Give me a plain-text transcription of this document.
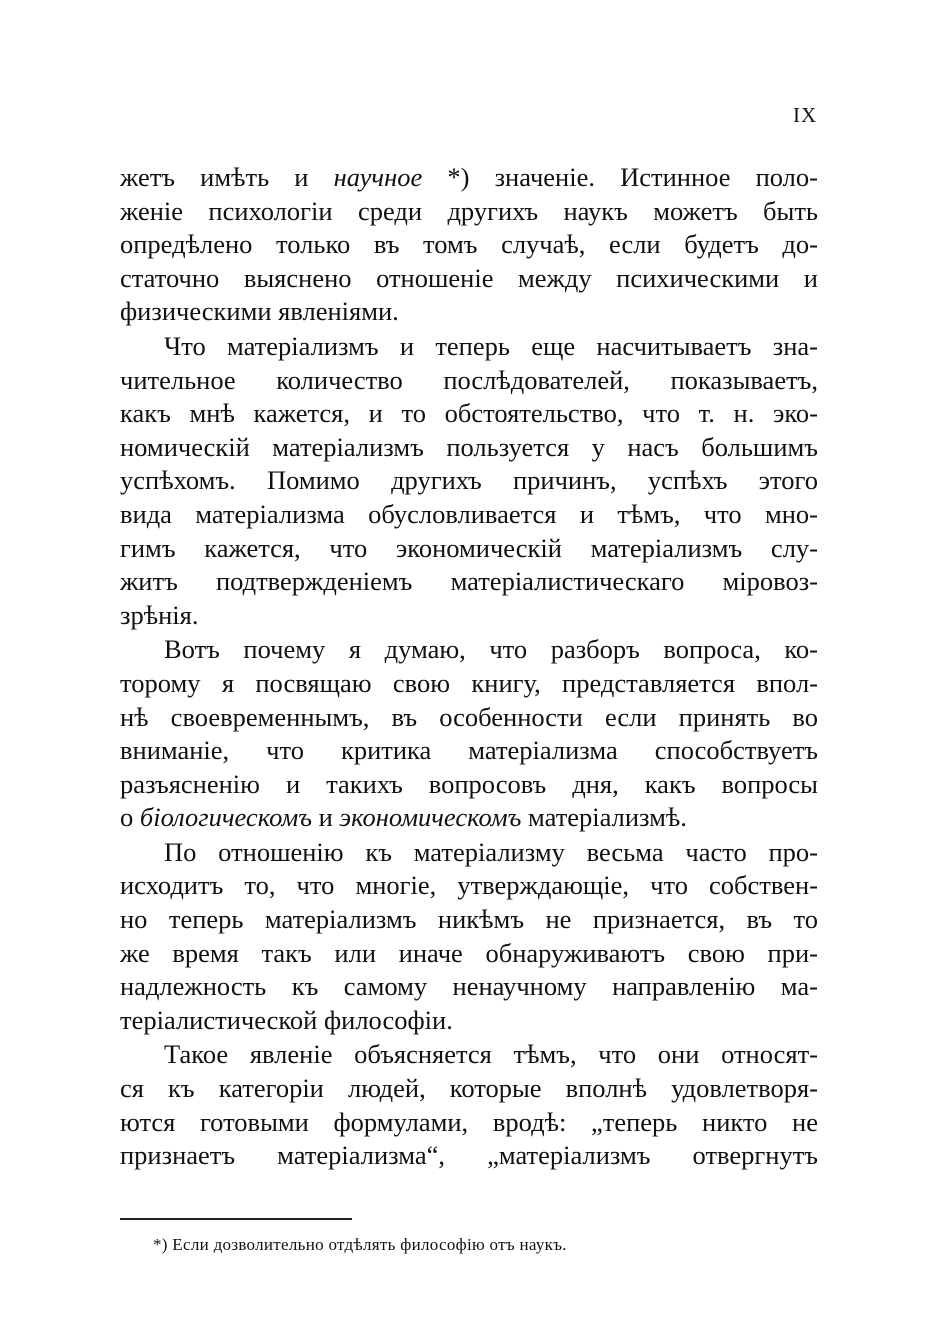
IX
жетъ имѣть и научное *) значеніе. Истинное поло-
женіе психологіи среди другихъ наукъ можетъ быть
опредѣлено только въ томъ случаѣ, если будетъ до-
статочно выяснено отношеніе между психическими и
физическими явленіями.
Что матеріализмъ и теперь еще насчитываетъ зна-
чительное количество послѣдователей, показываетъ,
какъ мнѣ кажется, и то обстоятельство, что т. н. эко-
номическій матеріализмъ пользуется у насъ большимъ
успѣхомъ. Помимо другихъ причинъ, успѣхъ этого
вида матеріализма обусловливается и тѣмъ, что мно-
гимъ кажется, что экономическій матеріализмъ слу-
житъ подтвержденіемъ матеріалистическаго міровоз-
зрѣнія.
Вотъ почему я думаю, что разборъ вопроса, ко-
торому я посвящаю свою книгу, представляется впол-
нѣ своевременнымъ, въ особенности если принять во
вниманіе, что критика матеріализма способствуетъ
разъясненію и такихъ вопросовъ дня, какъ вопросы
о біологическомъ и экономическомъ матеріализмѣ.
По отношенію къ матеріализму весьма часто про-
исходитъ то, что многіе, утверждающіе, что собствен-
но теперь матеріализмъ никѣмъ не признается, въ то
же время такъ или иначе обнаруживаютъ свою при-
надлежность къ самому ненаучному направленію ма-
теріалистической философіи.
Такое явленіе объясняется тѣмъ, что они относят-
ся къ категоріи людей, которые вполнѣ удовлетворя-
ются готовыми формулами, вродѣ: „теперь никто не
признаетъ матеріализма“, „матеріализмъ отвергнутъ
*) Если дозволительно отдѣлять философію отъ наукъ.
